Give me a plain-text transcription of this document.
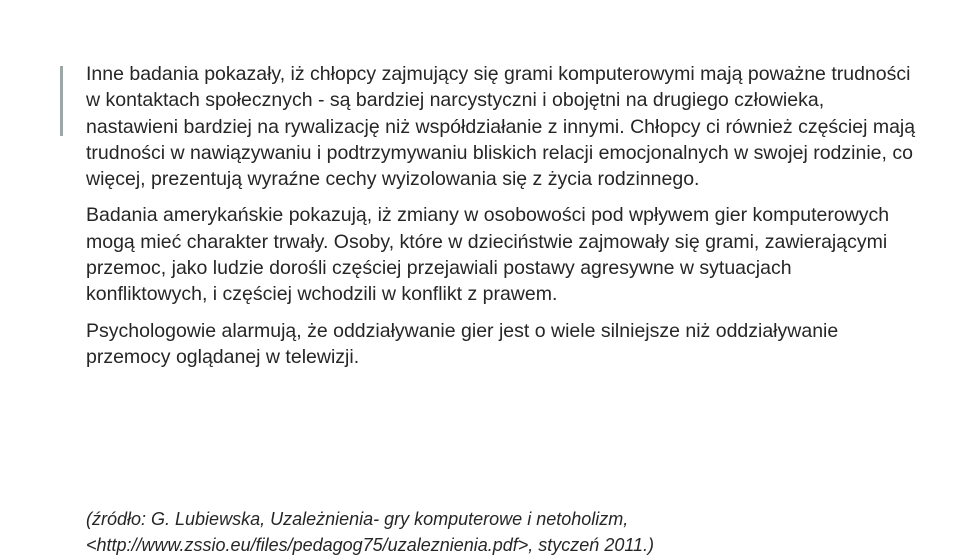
Inne badania pokazały, iż chłopcy zajmujący się grami komputerowymi mają poważne trudności w kontaktach społecznych - są bardziej narcystyczni i obojętni na drugiego człowieka, nastawieni bardziej na rywalizację niż współdziałanie z innymi. Chłopcy ci również częściej mają trudności w nawiązywaniu i podtrzymywaniu bliskich relacji emocjonalnych w swojej rodzinie, co więcej, prezentują wyraźne cechy wyizolowania się z życia rodzinnego.

Badania amerykańskie pokazują, iż zmiany w osobowości pod wpływem gier komputerowych mogą mieć charakter trwały. Osoby, które w dzieciństwie zajmowały się grami, zawierającymi przemoc, jako ludzie dorośli częściej przejawiali postawy agresywne w sytuacjach konfliktowych, i częściej wchodzili w konflikt z prawem.

Psychologowie alarmują, że oddziaływanie gier jest o wiele silniejsze niż oddziaływanie przemocy oglądanej w telewizji.

(źródło: G. Lubiewska, Uzależnienia- gry komputerowe i netoholizm,

<http://www.zssio.eu/files/pedagog75/uzaleznienia.pdf>, styczeń 2011.)
